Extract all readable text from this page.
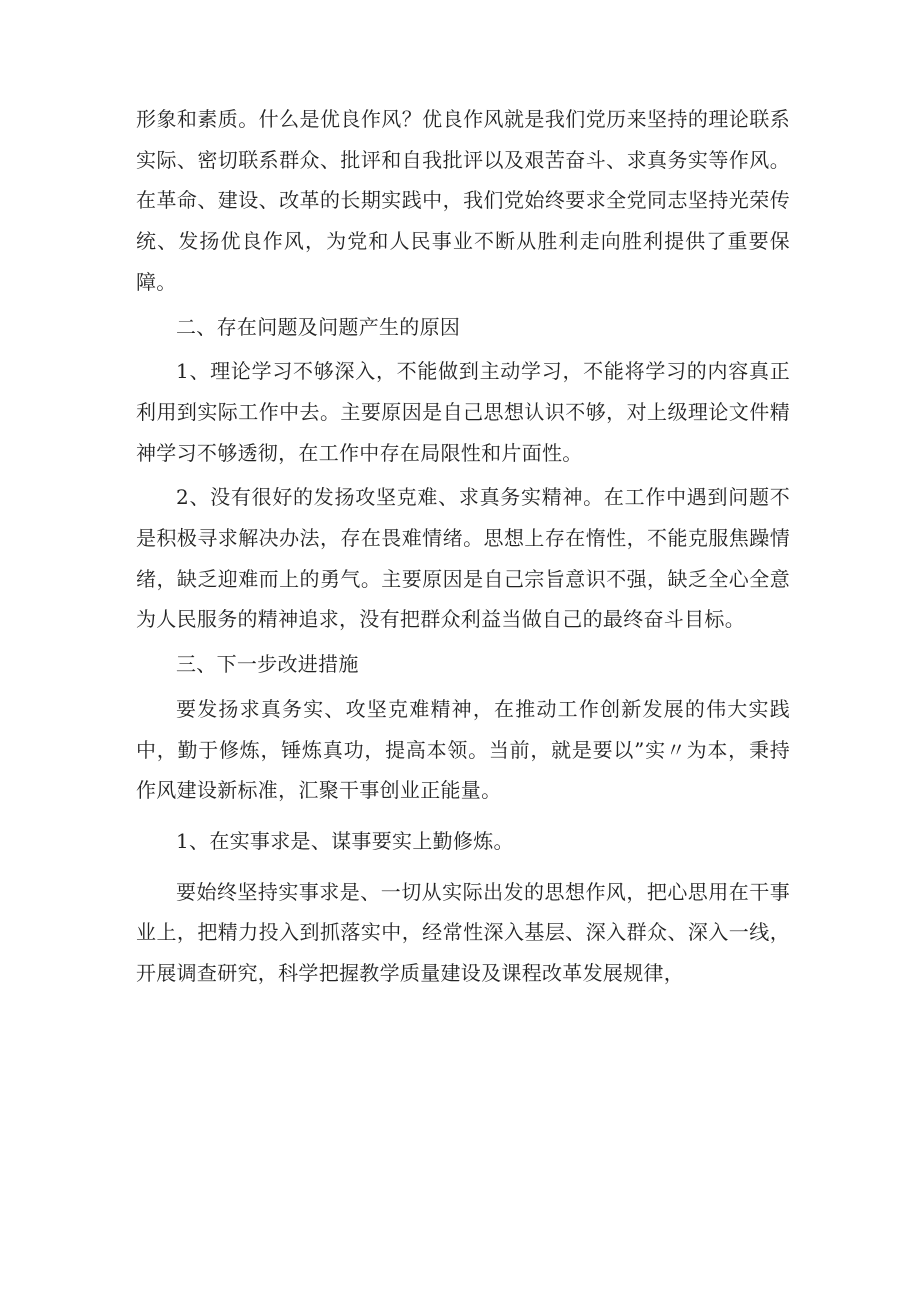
形象和素质。什么是优良作风？优良作风就是我们党历来坚持的理论联系实际、密切联系群众、批评和自我批评以及艰苦奋斗、求真务实等作风。在革命、建设、改革的长期实践中，我们党始终要求全党同志坚持光荣传统、发扬优良作风，为党和人民事业不断从胜利走向胜利提供了重要保障。

二、存在问题及问题产生的原因

1、理论学习不够深入，不能做到主动学习，不能将学习的内容真正利用到实际工作中去。主要原因是自己思想认识不够，对上级理论文件精神学习不够透彻，在工作中存在局限性和片面性。

2、没有很好的发扬攻坚克难、求真务实精神。在工作中遇到问题不是积极寻求解决办法，存在畏难情绪。思想上存在惰性，不能克服焦躁情绪，缺乏迎难而上的勇气。主要原因是自己宗旨意识不强，缺乏全心全意为人民服务的精神追求，没有把群众利益当做自己的最终奋斗目标。

三、下一步改进措施

要发扬求真务实、攻坚克难精神，在推动工作创新发展的伟大实践中，勤于修炼，锤炼真功，提高本领。当前，就是要以”实〃为本，秉持作风建设新标准，汇聚干事创业正能量。

1、在实事求是、谋事要实上勤修炼。

要始终坚持实事求是、一切从实际出发的思想作风，把心思用在干事业上，把精力投入到抓落实中，经常性深入基层、深入群众、深入一线，开展调查研究，科学把握教学质量建设及课程改革发展规律，
